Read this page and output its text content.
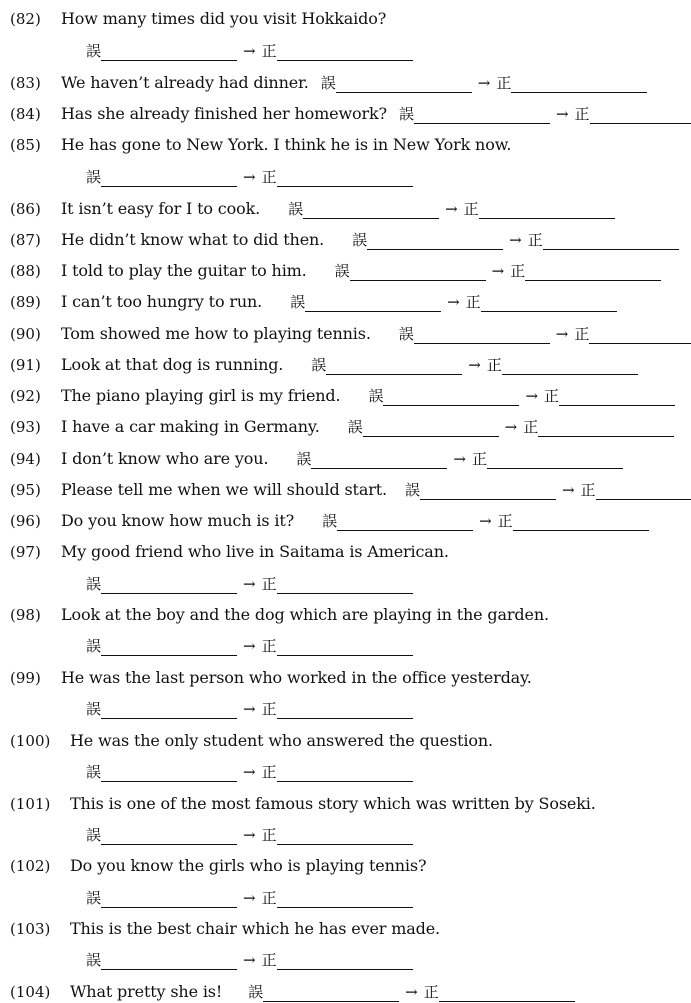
(82)	How many times did you visit Hokkaido?
誤	→ 正
(83)	We haven’t already had dinner. 誤	→ 正
(84)	Has she already finished her homework? 誤	→ 正
(85)	He has gone to New York. I think he is in New York now.
誤	→ 正
(86)	It isn’t easy for I to cook. 誤	→ 正
(87)	He didn’t know what to did then. 誤	→ 正
(88)	I told to play the guitar to him. 誤	→ 正
(89)	I can’t too hungry to run. 誤	→ 正
(90)	Tom showed me how to playing tennis. 誤	→ 正
(91)	Look at that dog is running. 誤	→ 正
(92)	The piano playing girl is my friend. 誤	→ 正
(93)	I have a car making in Germany. 誤	→ 正
(94)	I don’t know who are you. 誤	→ 正
(95)	Please tell me when we will should start. 誤	→ 正
(96)	Do you know how much is it? 誤	→ 正
(97)	My good friend who live in Saitama is American.
誤	→ 正
(98)	Look at the boy and the dog which are playing in the garden.
誤	→ 正
(99)	He was the last person who worked in the office yesterday.
誤	→ 正
(100)	He was the only student who answered the question.
誤	→ 正
(101)	This is one of the most famous story which was written by Soseki.
誤	→ 正
(102)	Do you know the girls who is playing tennis?
誤	→ 正
(103)	This is the best chair which he has ever made.
誤	→ 正
(104)	What pretty she is! 誤	→ 正
